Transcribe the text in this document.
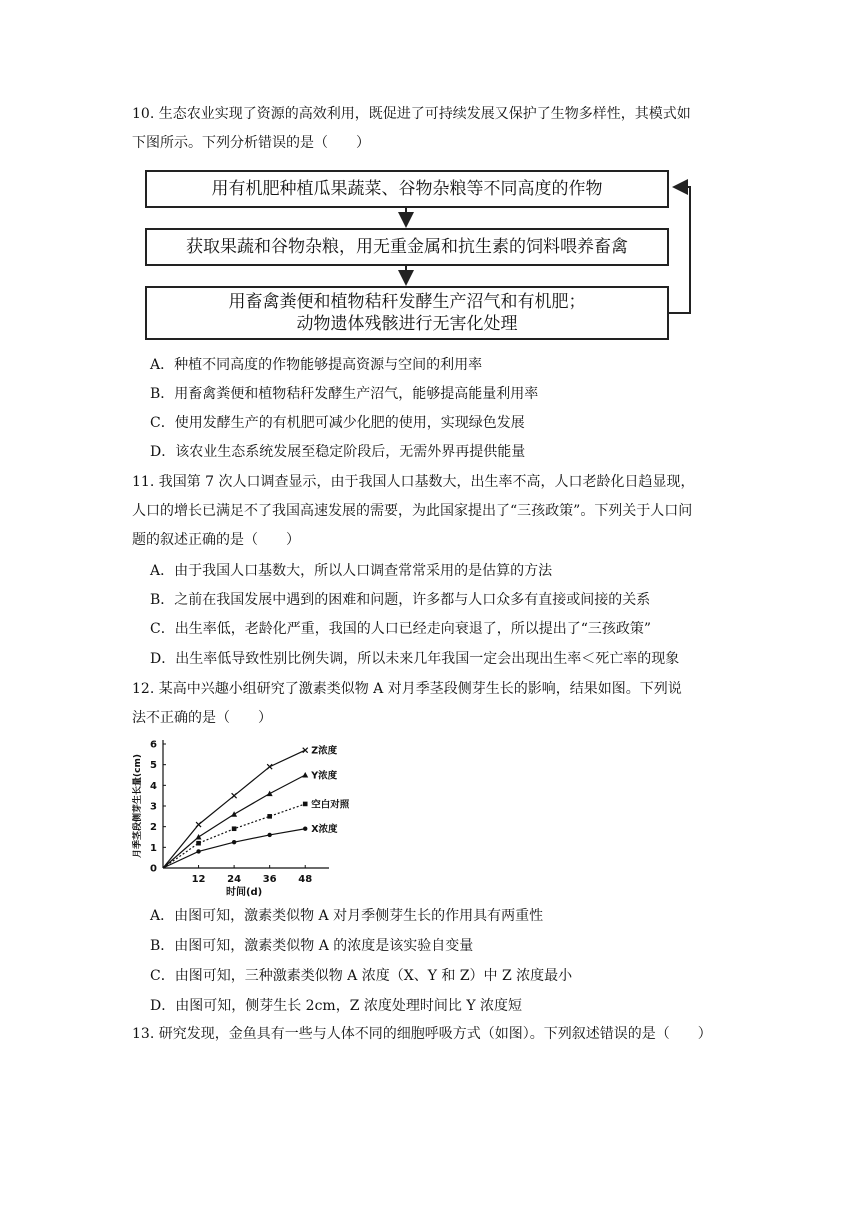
10. 生态农业实现了资源的高效利用，既促进了可持续发展又保护了生物多样性，其模式如
下图所示。下列分析错误的是（　　）
用有机肥种植瓜果蔬菜、谷物杂粮等不同高度的作物
获取果蔬和谷物杂粮，用无重金属和抗生素的饲料喂养畜禽
用畜禽粪便和植物秸秆发酵生产沼气和有机肥；
动物遗体残骸进行无害化处理
A．种植不同高度的作物能够提高资源与空间的利用率
B．用畜禽粪便和植物秸秆发酵生产沼气，能够提高能量利用率
C．使用发酵生产的有机肥可减少化肥的使用，实现绿色发展
D．该农业生态系统发展至稳定阶段后，无需外界再提供能量
11. 我国第 7 次人口调查显示，由于我国人口基数大，出生率不高，人口老龄化日趋显现，
人口的增长已满足不了我国高速发展的需要，为此国家提出了“三孩政策”。下列关于人口问
题的叙述正确的是（　　）
A．由于我国人口基数大，所以人口调查常常采用的是估算的方法
B．之前在我国发展中遇到的困难和问题，许多都与人口众多有直接或间接的关系
C．出生率低，老龄化严重，我国的人口已经走向衰退了，所以提出了“三孩政策”
D．出生率低导致性别比例失调，所以未来几年我国一定会出现出生率＜死亡率的现象
12. 某高中兴趣小组研究了激素类似物 A 对月季茎段侧芽生长的影响，结果如图。下列说
法不正确的是（　　）
0
1
2
3
4
5
6
12 24 36 48
时间(d)
月季茎段侧芽生长量(cm)
Z浓度
Y浓度
空白对照
X浓度
A．由图可知，激素类似物 A 对月季侧芽生长的作用具有两重性
B．由图可知，激素类似物 A 的浓度是该实验自变量
C．由图可知，三种激素类似物 A 浓度（X、Y 和 Z）中 Z 浓度最小
D．由图可知，侧芽生长 2cm，Z 浓度处理时间比 Y 浓度短
13. 研究发现，金鱼具有一些与人体不同的细胞呼吸方式（如图）。下列叙述错误的是（　　）
